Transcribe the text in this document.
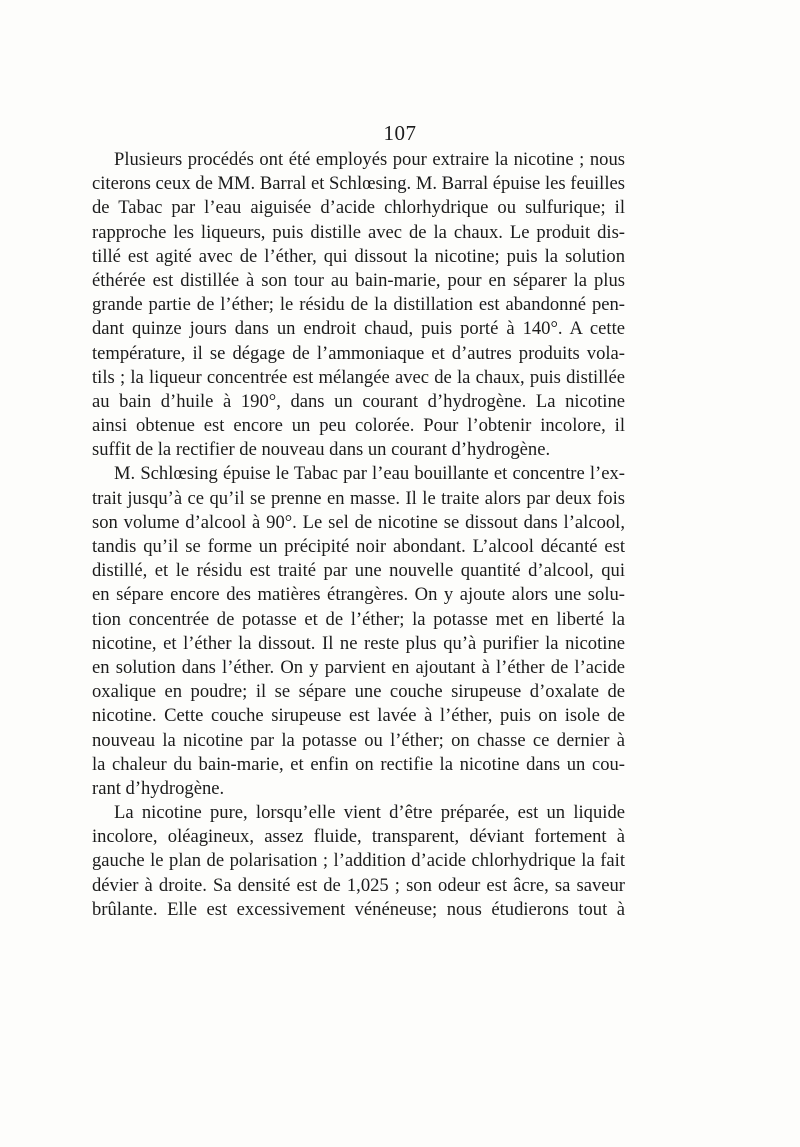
107
Plusieurs procédés ont été employés pour extraire la nicotine ; nous
citerons ceux de MM. Barral et Schlœsing. M. Barral épuise les feuilles
de Tabac par l’eau aiguisée d’acide chlorhydrique ou sulfurique; il
rapproche les liqueurs, puis distille avec de la chaux. Le produit dis-
tillé est agité avec de l’éther, qui dissout la nicotine; puis la solution
éthérée est distillée à son tour au bain-marie, pour en séparer la plus
grande partie de l’éther; le résidu de la distillation est abandonné pen-
dant quinze jours dans un endroit chaud, puis porté à 140°. A cette
température, il se dégage de l’ammoniaque et d’autres produits vola-
tils ; la liqueur concentrée est mélangée avec de la chaux, puis distillée
au bain d’huile à 190°, dans un courant d’hydrogène. La nicotine
ainsi obtenue est encore un peu colorée. Pour l’obtenir incolore, il
suffit de la rectifier de nouveau dans un courant d’hydrogène.
M. Schlœsing épuise le Tabac par l’eau bouillante et concentre l’ex-
trait jusqu’à ce qu’il se prenne en masse. Il le traite alors par deux fois
son volume d’alcool à 90°. Le sel de nicotine se dissout dans l’alcool,
tandis qu’il se forme un précipité noir abondant. L’alcool décanté est
distillé, et le résidu est traité par une nouvelle quantité d’alcool, qui
en sépare encore des matières étrangères. On y ajoute alors une solu-
tion concentrée de potasse et de l’éther; la potasse met en liberté la
nicotine, et l’éther la dissout. Il ne reste plus qu’à purifier la nicotine
en solution dans l’éther. On y parvient en ajoutant à l’éther de l’acide
oxalique en poudre; il se sépare une couche sirupeuse d’oxalate de
nicotine. Cette couche sirupeuse est lavée à l’éther, puis on isole de
nouveau la nicotine par la potasse ou l’éther; on chasse ce dernier à
la chaleur du bain-marie, et enfin on rectifie la nicotine dans un cou-
rant d’hydrogène.
La nicotine pure, lorsqu’elle vient d’être préparée, est un liquide
incolore, oléagineux, assez fluide, transparent, déviant fortement à
gauche le plan de polarisation ; l’addition d’acide chlorhydrique la fait
dévier à droite. Sa densité est de 1,025 ; son odeur est âcre, sa saveur
brûlante. Elle est excessivement vénéneuse; nous étudierons tout à
